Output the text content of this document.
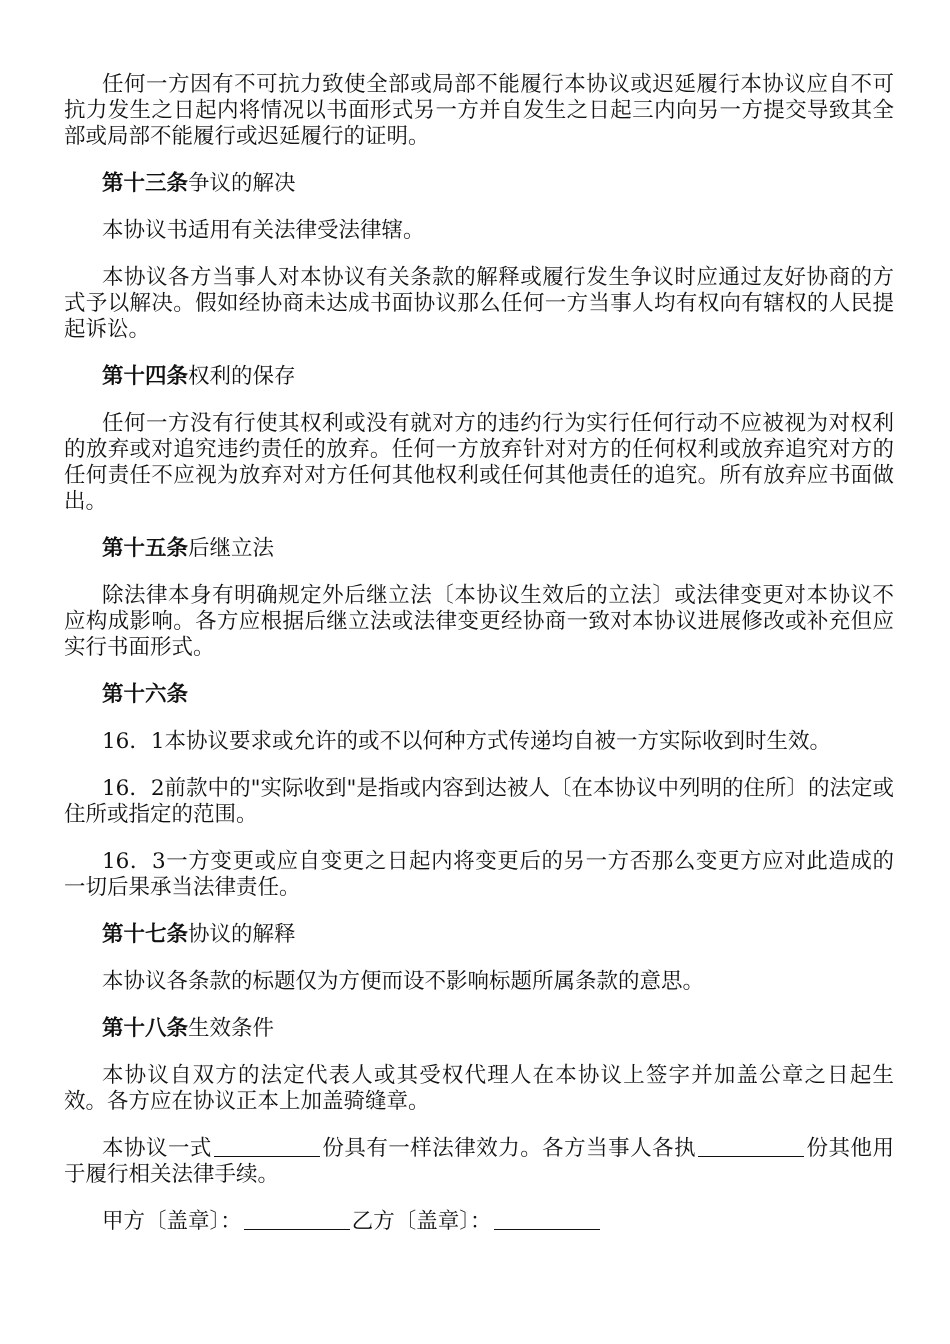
任何一方因有不可抗力致使全部或局部不能履行本协议或迟延履行本协议应自不可抗力发生之日起内将情况以书面形式另一方并自发生之日起三内向另一方提交导致其全部或局部不能履行或迟延履行的证明。

第十三条争议的解决

本协议书适用有关法律受法律辖。

本协议各方当事人对本协议有关条款的解释或履行发生争议时应通过友好协商的方式予以解决。假如经协商未达成书面协议那么任何一方当事人均有权向有辖权的人民提起诉讼。

第十四条权利的保存

任何一方没有行使其权利或没有就对方的违约行为实行任何行动不应被视为对权利的放弃或对追究违约责任的放弃。任何一方放弃针对对方的任何权利或放弃追究对方的任何责任不应视为放弃对对方任何其他权利或任何其他责任的追究。所有放弃应书面做出。

第十五条后继立法

除法律本身有明确规定外后继立法〔本协议生效后的立法〕或法律变更对本协议不应构成影响。各方应根据后继立法或法律变更经协商一致对本协议进展修改或补充但应实行书面形式。

第十六条

16．1本协议要求或允许的或不以何种方式传递均自被一方实际收到时生效。

16．2前款中的"实际收到"是指或内容到达被人〔在本协议中列明的住所〕的法定或住所或指定的范围。

16．3一方变更或应自变更之日起内将变更后的另一方否那么变更方应对此造成的一切后果承当法律责任。

第十七条协议的解释

本协议各条款的标题仅为方便而设不影响标题所属条款的意思。

第十八条生效条件

本协议自双方的法定代表人或其受权代理人在本协议上签字并加盖公章之日起生效。各方应在协议正本上加盖骑缝章。

本协议一式	份具有一样法律效力。各方当事人各执	份其他用于履行相关法律手续。

甲方〔盖章〕：	乙方〔盖章〕：
